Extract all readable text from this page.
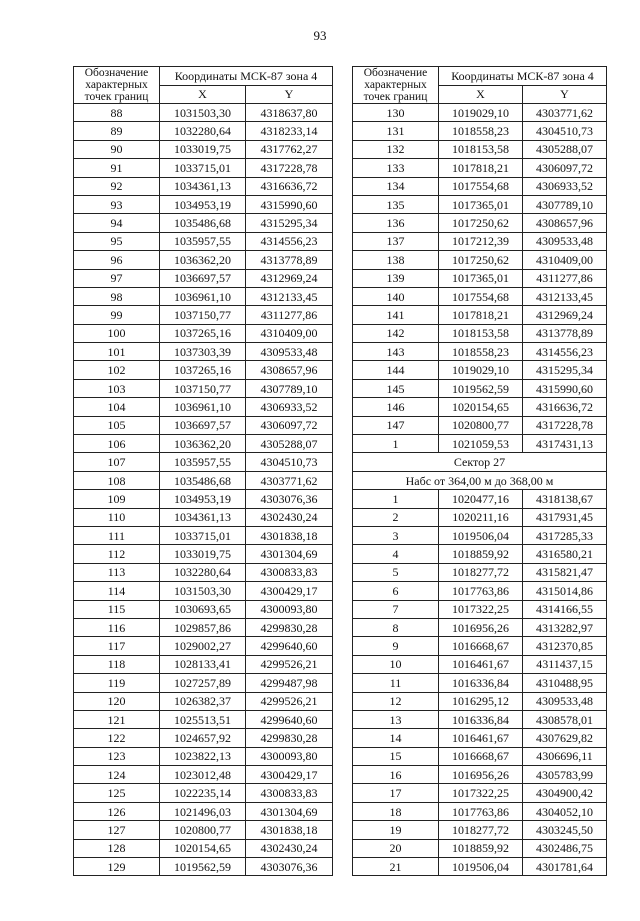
93
Обозначение характерных точек границ	Координаты МСК-87 зона 4	
	X	Y
88	1031503,30	4318637,80
89	1032280,64	4318233,14
90	1033019,75	4317762,27
91	1033715,01	4317228,78
92	1034361,13	4316636,72
93	1034953,19	4315990,60
94	1035486,68	4315295,34
95	1035957,55	4314556,23
96	1036362,20	4313778,89
97	1036697,57	4312969,24
98	1036961,10	4312133,45
99	1037150,77	4311277,86
100	1037265,16	4310409,00
101	1037303,39	4309533,48
102	1037265,16	4308657,96
103	1037150,77	4307789,10
104	1036961,10	4306933,52
105	1036697,57	4306097,72
106	1036362,20	4305288,07
107	1035957,55	4304510,73
108	1035486,68	4303771,62
109	1034953,19	4303076,36
110	1034361,13	4302430,24
111	1033715,01	4301838,18
112	1033019,75	4301304,69
113	1032280,64	4300833,83
114	1031503,30	4300429,17
115	1030693,65	4300093,80
116	1029857,86	4299830,28
117	1029002,27	4299640,60
118	1028133,41	4299526,21
119	1027257,89	4299487,98
120	1026382,37	4299526,21
121	1025513,51	4299640,60
122	1024657,92	4299830,28
123	1023822,13	4300093,80
124	1023012,48	4300429,17
125	1022235,14	4300833,83
126	1021496,03	4301304,69
127	1020800,77	4301838,18
128	1020154,65	4302430,24
129	1019562,59	4303076,36
Обозначение характерных точек границ	Координаты МСК-87 зона 4	
	X	Y
130	1019029,10	4303771,62
131	1018558,23	4304510,73
132	1018153,58	4305288,07
133	1017818,21	4306097,72
134	1017554,68	4306933,52
135	1017365,01	4307789,10
136	1017250,62	4308657,96
137	1017212,39	4309533,48
138	1017250,62	4310409,00
139	1017365,01	4311277,86
140	1017554,68	4312133,45
141	1017818,21	4312969,24
142	1018153,58	4313778,89
143	1018558,23	4314556,23
144	1019029,10	4315295,34
145	1019562,59	4315990,60
146	1020154,65	4316636,72
147	1020800,77	4317228,78
1	1021059,53	4317431,13
Сектор 27		
Набс от 364,00 м до 368,00 м		
1	1020477,16	4318138,67
2	1020211,16	4317931,45
3	1019506,04	4317285,33
4	1018859,92	4316580,21
5	1018277,72	4315821,47
6	1017763,86	4315014,86
7	1017322,25	4314166,55
8	1016956,26	4313282,97
9	1016668,67	4312370,85
10	1016461,67	4311437,15
11	1016336,84	4310488,95
12	1016295,12	4309533,48
13	1016336,84	4308578,01
14	1016461,67	4307629,82
15	1016668,67	4306696,11
16	1016956,26	4305783,99
17	1017322,25	4304900,42
18	1017763,86	4304052,10
19	1018277,72	4303245,50
20	1018859,92	4302486,75
21	1019506,04	4301781,64
